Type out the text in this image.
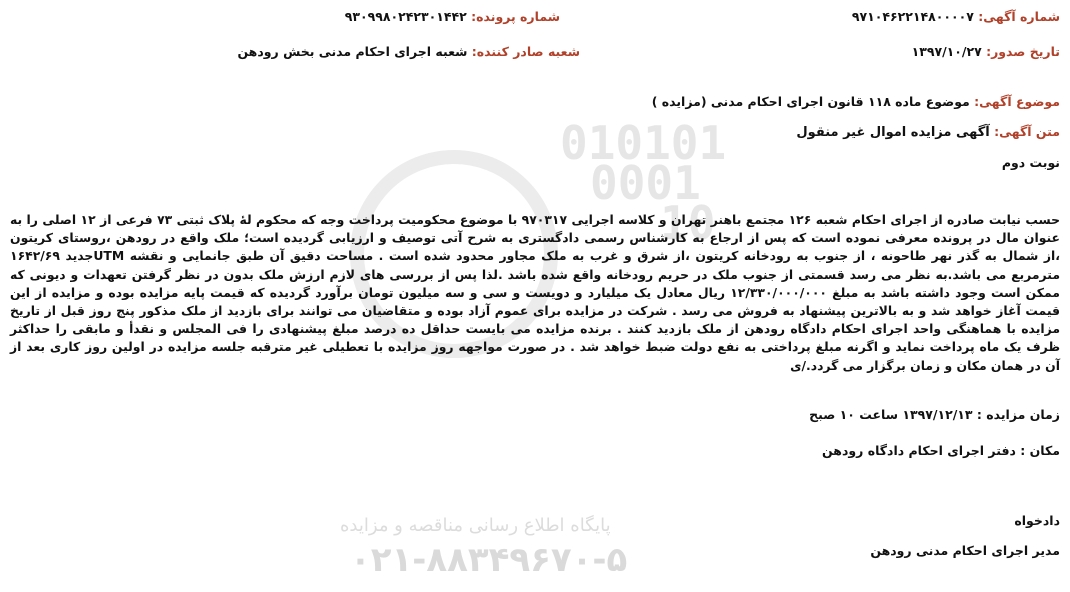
010101
0001
10
پایگاه اطلاع رسانی مناقصه و مزایده
۰۲۱-۸۸۳۴۹۶۷۰-۵
شماره آگهی: ۹۷۱۰۴۶۲۲۱۴۸۰۰۰۰۷
شماره پرونده: ۹۳۰۹۹۸۰۲۴۲۳۰۱۴۴۲
تاریخ صدور: ۱۳۹۷/۱۰/۲۷
شعبه صادر کننده: شعبه اجرای احکام مدنی بخش رودهن
موضوع آگهی: موضوع ماده ۱۱۸ قانون اجرای احکام مدنی (مزایده )
متن آگهی: آگهی مزایده اموال غیر منقول
نوبت دوم
حسب نیابت صادره از اجرای احکام شعبه ۱۲۶ مجتمع باهنر تهران و کلاسه اجرایی ۹۷۰۳۱۷ با موضوع محکومیت پرداخت وجه که محکوم لهٔ پلاک ثبتی ۷۳ فرعی از ۱۲ اصلی را به عنوان مال در پرونده معرفی نموده است که پس از ارجاع به کارشناس رسمی دادگستری به شرح آتی توصیف و ارزیابی گردیده است؛ ملک واقع در رودهن ،روستای کریتون ،از شمال به گذر نهر طاحونه ، از جنوب به رودخانه کریتون ،از شرق و غرب به ملک مجاور محدود شده است . مساحت دقیق آن طبق جانمایی و نقشه UTMجدید ۱۶۴۲/۶۹ مترمربع می باشد.به نظر می رسد قسمتی از جنوب ملک در حریم رودخانه واقع شده باشد .لذا پس از بررسی های لازم ارزش ملک بدون در نظر گرفتن تعهدات و دیونی که ممکن است وجود داشته باشد به مبلغ ۱۲/۳۳۰/۰۰۰/۰۰۰ ریال معادل یک میلیارد و دویست و سی و سه میلیون تومان برآورد گردیده که قیمت پایه مزایده بوده و مزایده از این قیمت آغاز خواهد شد و به بالاترین پیشنهاد به فروش می رسد . شرکت در مزایده برای عموم آزاد بوده و متقاضیان می توانند برای بازدید از ملک مذکور پنج روز قبل از تاریخ مزایده با هماهنگی واحد اجرای احکام دادگاه رودهن از ملک بازدید کنند . برنده مزایده می بایست حداقل ده درصد مبلغ پیشنهادی را فی المجلس و نقدأ و مابقی را حداکثر ظرف یک ماه پرداخت نماید و اگرنه مبلغ پرداختی به نفع دولت ضبط خواهد شد . در صورت مواجهه روز مزایده با تعطیلی غیر مترقبه جلسه مزایده در اولین روز کاری بعد از آن در همان مکان و زمان برگزار می گردد./ی
زمان مزایده : ۱۳۹۷/۱۲/۱۳ ساعت ۱۰ صبح
مکان : دفتر اجرای احکام دادگاه رودهن
دادخواه
مدیر اجرای احکام مدنی رودهن
